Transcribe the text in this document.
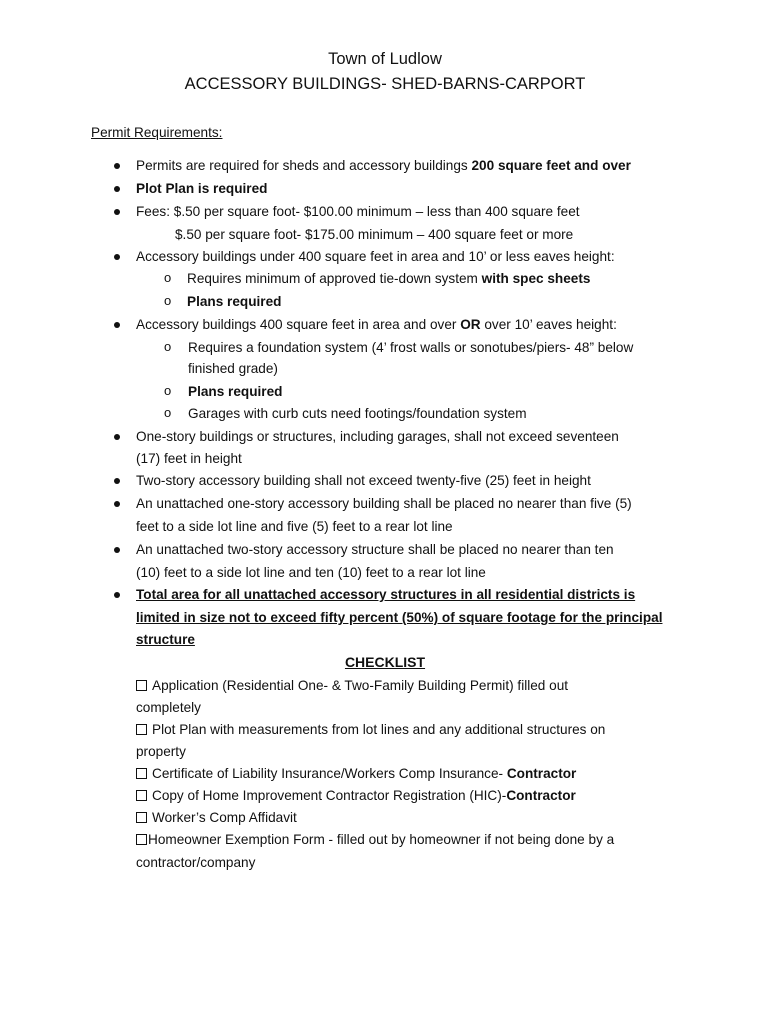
Town of Ludlow
ACCESSORY BUILDINGS- SHED-BARNS-CARPORT
Permit Requirements:
Permits are required for sheds and accessory buildings 200 square feet and over
Plot Plan is required
Fees: $.50 per square foot- $100.00 minimum – less than 400 square feet
$.50 per square foot- $175.00 minimum – 400 square feet or more
Accessory buildings under 400 square feet in area and 10’ or less eaves height:
o Requires minimum of approved tie-down system with spec sheets
o Plans required
Accessory buildings 400 square feet in area and over OR over 10’ eaves height:
o Requires a foundation system (4’ frost walls or sonotubes/piers- 48” below
finished grade)
o Plans required
o Garages with curb cuts need footings/foundation system
One-story buildings or structures, including garages, shall not exceed seventeen
(17) feet in height
Two-story accessory building shall not exceed twenty-five (25) feet in height
An unattached one-story accessory building shall be placed no nearer than five (5)
feet to a side lot line and five (5) feet to a rear lot line
An unattached two-story accessory structure shall be placed no nearer than ten
(10) feet to a side lot line and ten (10) feet to a rear lot line
Total area for all unattached accessory structures in all residential districts is
limited in size not to exceed fifty percent (50%) of square footage for the principal
structure
CHECKLIST
Application (Residential One- & Two-Family Building Permit) filled out
completely
Plot Plan with measurements from lot lines and any additional structures on
property
Certificate of Liability Insurance/Workers Comp Insurance- Contractor
Copy of Home Improvement Contractor Registration (HIC)-Contractor
Worker’s Comp Affidavit
Homeowner Exemption Form - filled out by homeowner if not being done by a
contractor/company
